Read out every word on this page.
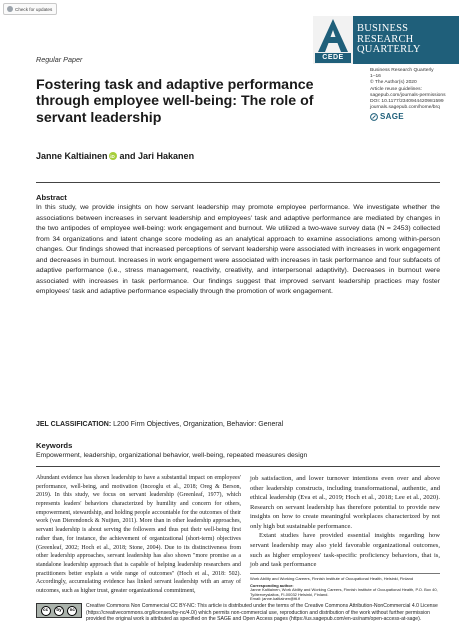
Check for updates
CEDE
BUSINESS
RESEARCH
QUARTERLY
Regular Paper
Business Research Quarterly
1–16
© The Author(s) 2020
Article reuse guidelines:
sagepub.com/journals-permissions
DOI: 10.1177/2340944420981599
journals.sagepub.com/home/brq
SAGE
Fostering task and adaptive performance through employee well-being: The role of servant leadership
Janne Kaltiainen iD and Jari Hakanen
Abstract

In this study, we provide insights on how servant leadership may promote employee performance. We investigate whether the associations between increases in servant leadership and employees' task and adaptive performance are mediated by changes in the two antipodes of employee well-being: work engagement and burnout. We utilized a two-wave survey data (N = 2453) collected from 34 organizations and latent change score modeling as an analytical approach to examine associations among within-person changes. Our findings showed that increased perceptions of servant leadership were associated with increases in work engagement and decreases in burnout. Increases in work engagement were associated with increases in task performance and four subfacets of adaptive performance (i.e., stress management, reactivity, creativity, and interpersonal adaptivity). Decreases in burnout were associated with increases in task performance. Our findings suggest that improved servant leadership practices may foster employees' task and adaptive performance especially through the promotion of work engagement.

JEL CLASSIFICATION: L200 Firm Objectives, Organization, Behavior: General
Keywords
Empowerment, leadership, organizational behavior, well-being, repeated measures design

Abundant evidence has shown leadership to have a substantial impact on employees' performance, well-being, and motivation (Inceoglu et al., 2018; Oreg & Berson, 2019). In this study, we focus on servant leadership (Greenleaf, 1977), which represents leaders' behaviors characterized by humility and concern for others, empowerment, stewardship, and holding people accountable for the outcomes of their work (van Dierendonck & Nuijten, 2011). More than in other leadership approaches, servant leadership is about serving the followers and thus put their well-being first rather than, for instance, the achievement of organizational (short-term) objectives (Greenleaf, 2002; Hoch et al., 2018; Stone, 2004). Due to its distinctiveness from other leadership approaches, servant leadership has also shown "more promise as a standalone leadership approach that is capable of helping leadership researchers and practitioners better explain a wide range of outcomes" (Hoch et al., 2018: 502). Accordingly, accumulating evidence has linked servant leadership with an array of outcomes, such as higher trust, greater organizational commitment,

job satisfaction, and lower turnover intentions even over and above other leadership constructs, including transformational, authentic, and ethical leadership (Eva et al., 2019; Hoch et al., 2018; Lee et al., 2020). Research on servant leadership has therefore potential to provide new insights on how to create meaningful workplaces characterized by not only high but sustainable performance.

Extant studies have provided essential insights regarding how servant leadership may also yield favorable organizational outcomes, such as higher employees' task-specific proficiency behaviors, that is, job and task performance

Work Ability and Working Careers, Finnish Institute of Occupational Health, Helsinki, Finland
Corresponding author:
Janne Kaltiainen, Work Ability and Working Careers, Finnish Institute of Occupational Health, P.O. Box 40, Työterveyslaitos, FI-00032 Helsinki, Finland.
Email: janne.kaltiainen@ttl.fi
cc	by	nc
Creative Commons Non Commercial CC BY-NC: This article is distributed under the terms of the Creative Commons Attribution-NonCommercial 4.0 License (https://creativecommons.org/licenses/by-nc/4.0/) which permits non-commercial use, reproduction and distribution of the work without further permission provided the original work is attributed as specified on the SAGE and Open Access pages (https://us.sagepub.com/en-us/nam/open-access-at-sage).
